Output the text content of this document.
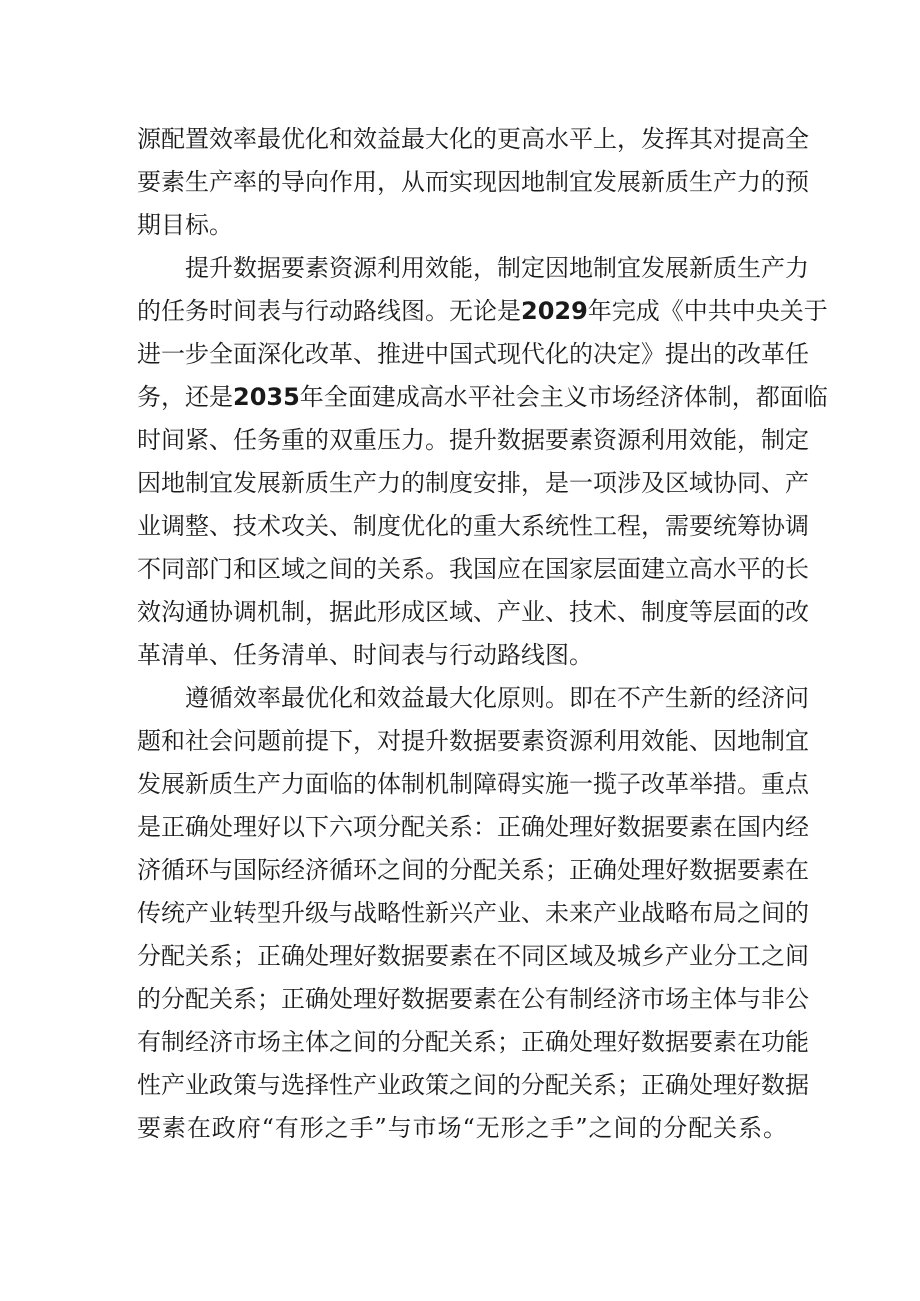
源配置效率最优化和效益最大化的更高水平上，发挥其对提高全
要素生产率的导向作用，从而实现因地制宜发展新质生产力的预
期目标。
提升数据要素资源利用效能，制定因地制宜发展新质生产力
的任务时间表与行动路线图。无论是2029年完成《中共中央关于
进一步全面深化改革、推进中国式现代化的决定》提出的改革任
务，还是2035年全面建成高水平社会主义市场经济体制，都面临
时间紧、任务重的双重压力。提升数据要素资源利用效能，制定
因地制宜发展新质生产力的制度安排，是一项涉及区域协同、产
业调整、技术攻关、制度优化的重大系统性工程，需要统筹协调
不同部门和区域之间的关系。我国应在国家层面建立高水平的长
效沟通协调机制，据此形成区域、产业、技术、制度等层面的改
革清单、任务清单、时间表与行动路线图。
遵循效率最优化和效益最大化原则。即在不产生新的经济问
题和社会问题前提下，对提升数据要素资源利用效能、因地制宜
发展新质生产力面临的体制机制障碍实施一揽子改革举措。重点
是正确处理好以下六项分配关系：正确处理好数据要素在国内经
济循环与国际经济循环之间的分配关系；正确处理好数据要素在
传统产业转型升级与战略性新兴产业、未来产业战略布局之间的
分配关系；正确处理好数据要素在不同区域及城乡产业分工之间
的分配关系；正确处理好数据要素在公有制经济市场主体与非公
有制经济市场主体之间的分配关系；正确处理好数据要素在功能
性产业政策与选择性产业政策之间的分配关系；正确处理好数据
要素在政府“有形之手”与市场“无形之手”之间的分配关系。
